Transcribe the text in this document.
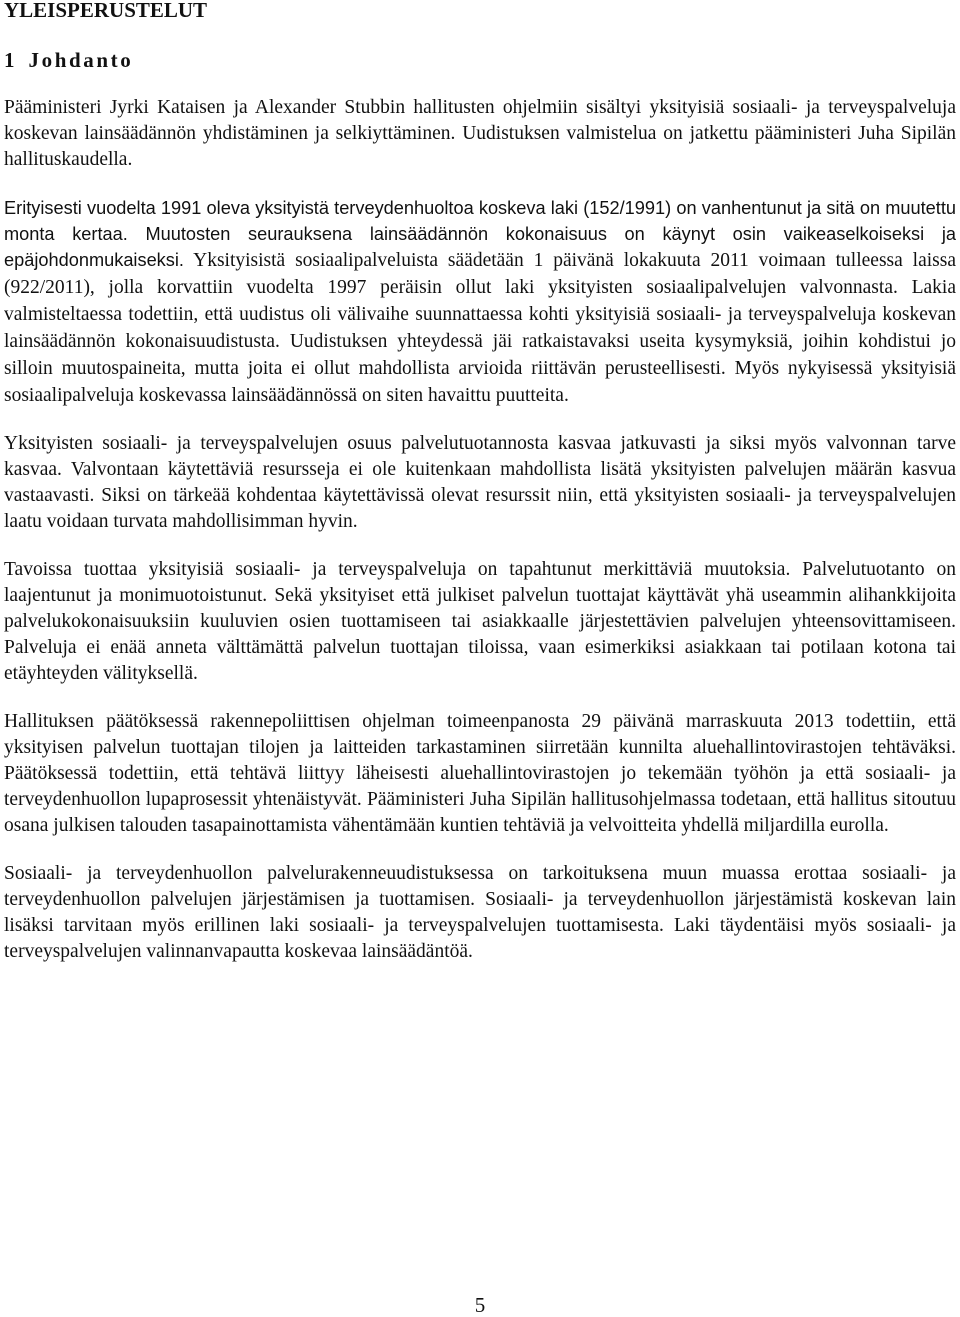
YLEISPERUSTELUT
1 Johdanto

Pääministeri Jyrki Kataisen ja Alexander Stubbin hallitusten ohjelmiin sisältyi yksityisiä sosiaali- ja terveyspalveluja koskevan lainsäädännön yhdistäminen ja selkiyttäminen. Uudistuksen valmistelua on jatkettu pääministeri Juha Sipilän hallituskaudella.

Erityisesti vuodelta 1991 oleva yksityistä terveydenhuoltoa koskeva laki (152/1991) on vanhentunut ja sitä on muutettu monta kertaa. Muutosten seurauksena lainsäädännön kokonaisuus on käynyt osin vaikeaselkoiseksi ja epäjohdonmukaiseksi. Yksityisistä sosiaalipalveluista säädetään 1 päivänä lokakuuta 2011 voimaan tulleessa laissa (922/2011), jolla korvattiin vuodelta 1997 peräisin ollut laki yksityisten sosiaalipalvelujen valvonnasta. Lakia valmisteltaessa todettiin, että uudistus oli välivaihe suunnattaessa kohti yksityisiä sosiaali- ja terveyspalveluja koskevan lainsäädännön kokonaisuudistusta. Uudistuksen yhteydessä jäi ratkaistavaksi useita kysymyksiä, joihin kohdistui jo silloin muutospaineita, mutta joita ei ollut mahdollista arvioida riittävän perusteellisesti. Myös nykyisessä yksityisiä sosiaalipalveluja koskevassa lainsäädännössä on siten havaittu puutteita.

Yksityisten sosiaali- ja terveyspalvelujen osuus palvelutuotannosta kasvaa jatkuvasti ja siksi myös valvonnan tarve kasvaa. Valvontaan käytettäviä resursseja ei ole kuitenkaan mahdollista lisätä yksityisten palvelujen määrän kasvua vastaavasti. Siksi on tärkeää kohdentaa käytettävissä olevat resurssit niin, että yksityisten sosiaali- ja terveyspalvelujen laatu voidaan turvata mahdollisimman hyvin.

Tavoissa tuottaa yksityisiä sosiaali- ja terveyspalveluja on tapahtunut merkittäviä muutoksia. Palvelutuotanto on laajentunut ja monimuotoistunut. Sekä yksityiset että julkiset palvelun tuottajat käyttävät yhä useammin alihankkijoita palvelukokonaisuuksiin kuuluvien osien tuottamiseen tai asiakkaalle järjestettävien palvelujen yhteensovittamiseen. Palveluja ei enää anneta välttämättä palvelun tuottajan tiloissa, vaan esimerkiksi asiakkaan tai potilaan kotona tai etäyhteyden välityksellä.

Hallituksen päätöksessä rakennepoliittisen ohjelman toimeenpanosta 29 päivänä marraskuuta 2013 todettiin, että yksityisen palvelun tuottajan tilojen ja laitteiden tarkastaminen siirretään kunnilta aluehallintovirastojen tehtäväksi. Päätöksessä todettiin, että tehtävä liittyy läheisesti aluehallintovirastojen jo tekemään työhön ja että sosiaali- ja terveydenhuollon lupaprosessit yhtenäistyvät. Pääministeri Juha Sipilän hallitusohjelmassa todetaan, että hallitus sitoutuu osana julkisen talouden tasapainottamista vähentämään kuntien tehtäviä ja velvoitteita yhdellä miljardilla eurolla.

Sosiaali- ja terveydenhuollon palvelurakenneuudistuksessa on tarkoituksena muun muassa erottaa sosiaali- ja terveydenhuollon palvelujen järjestämisen ja tuottamisen. Sosiaali- ja terveydenhuollon järjestämistä koskevan lain lisäksi tarvitaan myös erillinen laki sosiaali- ja terveyspalvelujen tuottamisesta. Laki täydentäisi myös sosiaali- ja terveyspalvelujen valinnanvapautta koskevaa lainsäädäntöä.

5
